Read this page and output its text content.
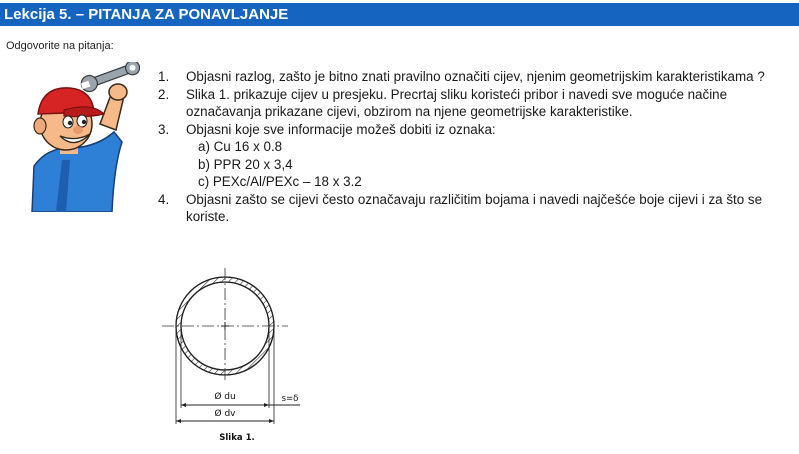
Lekcija 5. – PITANJA ZA PONAVLJANJE
Odgovorite na pitanja:
1.	Objasni razlog, zašto je bitno znati pravilno označiti cijev, njenim geometrijskim karakteristikama ?
2.	Slika 1. prikazuje cijev u presjeku. Precrtaj sliku koristeći pribor i navedi sve moguće načine označavanja prikazane cijevi, obzirom na njene geometrijske karakteristike.
3.	Objasni koje sve informacije možeš dobiti iz oznaka:
a) Cu 16 x 0.8
b) PPR 20 x 3,4
c) PEXc/Al/PEXc – 18 x 3.2
4.	Objasni zašto se cijevi često označavaju različitim bojama i navedi najčešće boje cijevi i za što se koriste.
Ø du
Ø dv
s=δ
Slika 1.
